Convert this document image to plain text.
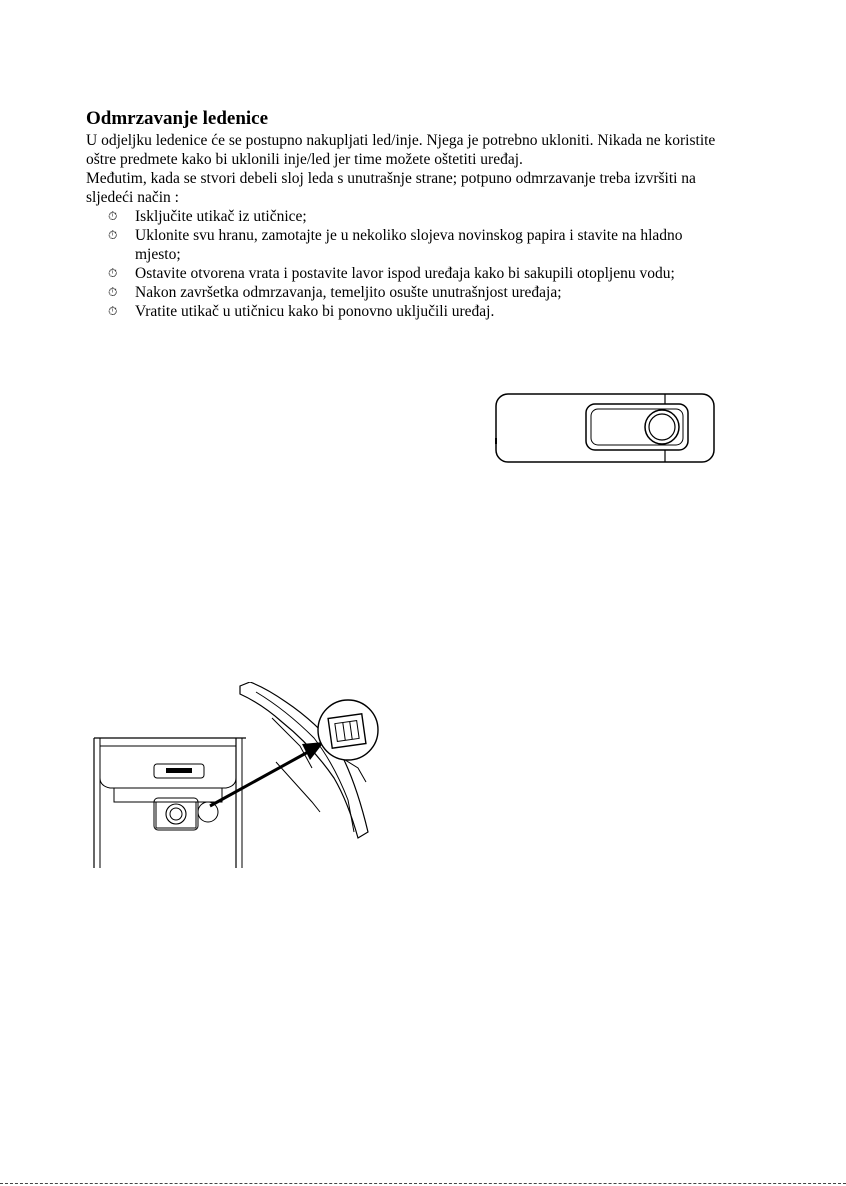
Odmrzavanje ledenice

U odjeljku ledenice će se postupno nakupljati led/inje. Njega je potrebno ukloniti. Nikada ne koristite oštre predmete kako bi uklonili inje/led jer time možete oštetiti uređaj.

Međutim, kada se stvori debeli sloj leda s unutrašnje strane; potpuno odmrzavanje treba izvršiti na sljedeći način :

⏱	Isključite utikač iz utičnice;
⏱	Uklonite svu hranu, zamotajte je u nekoliko slojeva novinskog papira i stavite na hladno mjesto;
⏱	Ostavite otvorena vrata i postavite lavor ispod uređaja kako bi sakupili otopljenu vodu;
⏱	Nakon završetka odmrzavanja, temeljito osušte unutrašnjost uređaja;
⏱	Vratite utikač u utičnicu kako bi ponovno uključili uređaj.
